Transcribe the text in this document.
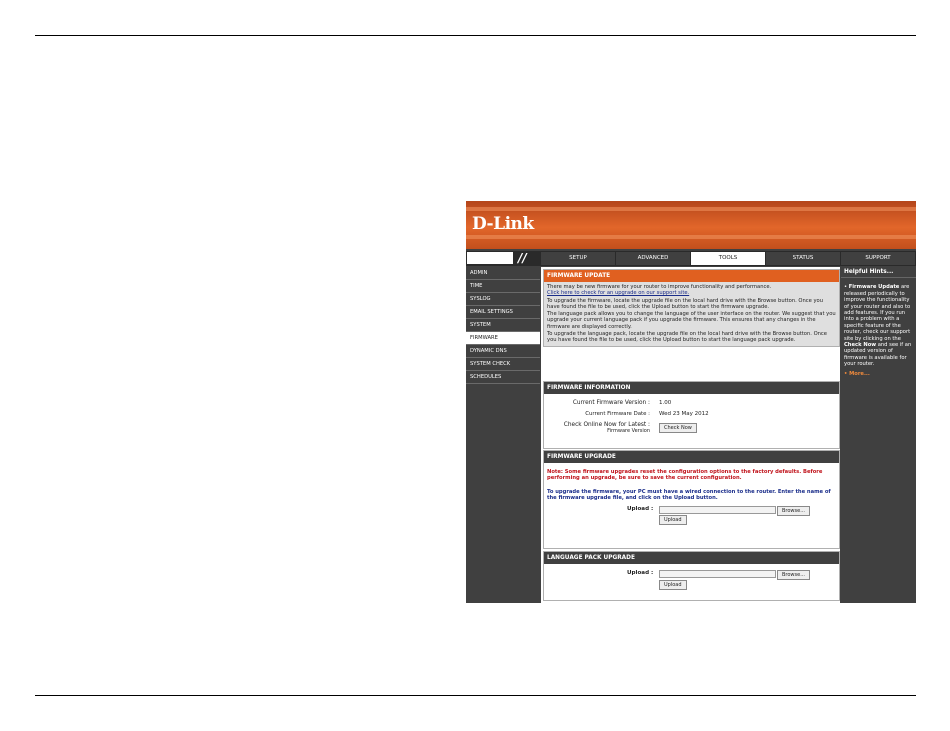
D-Link
//	SETUP	ADVANCED	TOOLS	STATUS	SUPPORT
ADMIN
TIME
SYSLOG
EMAIL SETTINGS
SYSTEM
FIRMWARE
DYNAMIC DNS
SYSTEM CHECK
SCHEDULES
FIRMWARE UPDATE
There may be new firmware for your router to improve functionality and performance.
Click here to check for an upgrade on our support site.
To upgrade the firmware, locate the upgrade file on the local hard drive with the Browse button. Once you have found the file to be used, click the Upload button to start the firmware upgrade.
The language pack allows you to change the language of the user interface on the router. We suggest that you upgrade your current language pack if you upgrade the firmware. This ensures that any changes in the firmware are displayed correctly.
To upgrade the language pack, locate the upgrade file on the local hard drive with the Browse button. Once you have found the file to be used, click the Upload button to start the language pack upgrade.
FIRMWARE INFORMATION
Current Firmware Version : 1.00
Current Firmware Date : Wed 23 May 2012
Check Online Now for Latest :
Firmware Version
Check Now
FIRMWARE UPGRADE
Note: Some firmware upgrades reset the configuration options to the factory defaults. Before performing an upgrade, be sure to save the current configuration.
To upgrade the firmware, your PC must have a wired connection to the router. Enter the name of the firmware upgrade file, and click on the Upload button.
Upload :	Browse...
Upload
LANGUAGE PACK UPGRADE
Upload :	Browse...
Upload
Helpful Hints...
• Firmware Update are released periodically to improve the functionality of your router and also to add features. If you run into a problem with a specific feature of the router, check our support site by clicking on the Check Now and see if an updated version of firmware is available for your router.
• More...
